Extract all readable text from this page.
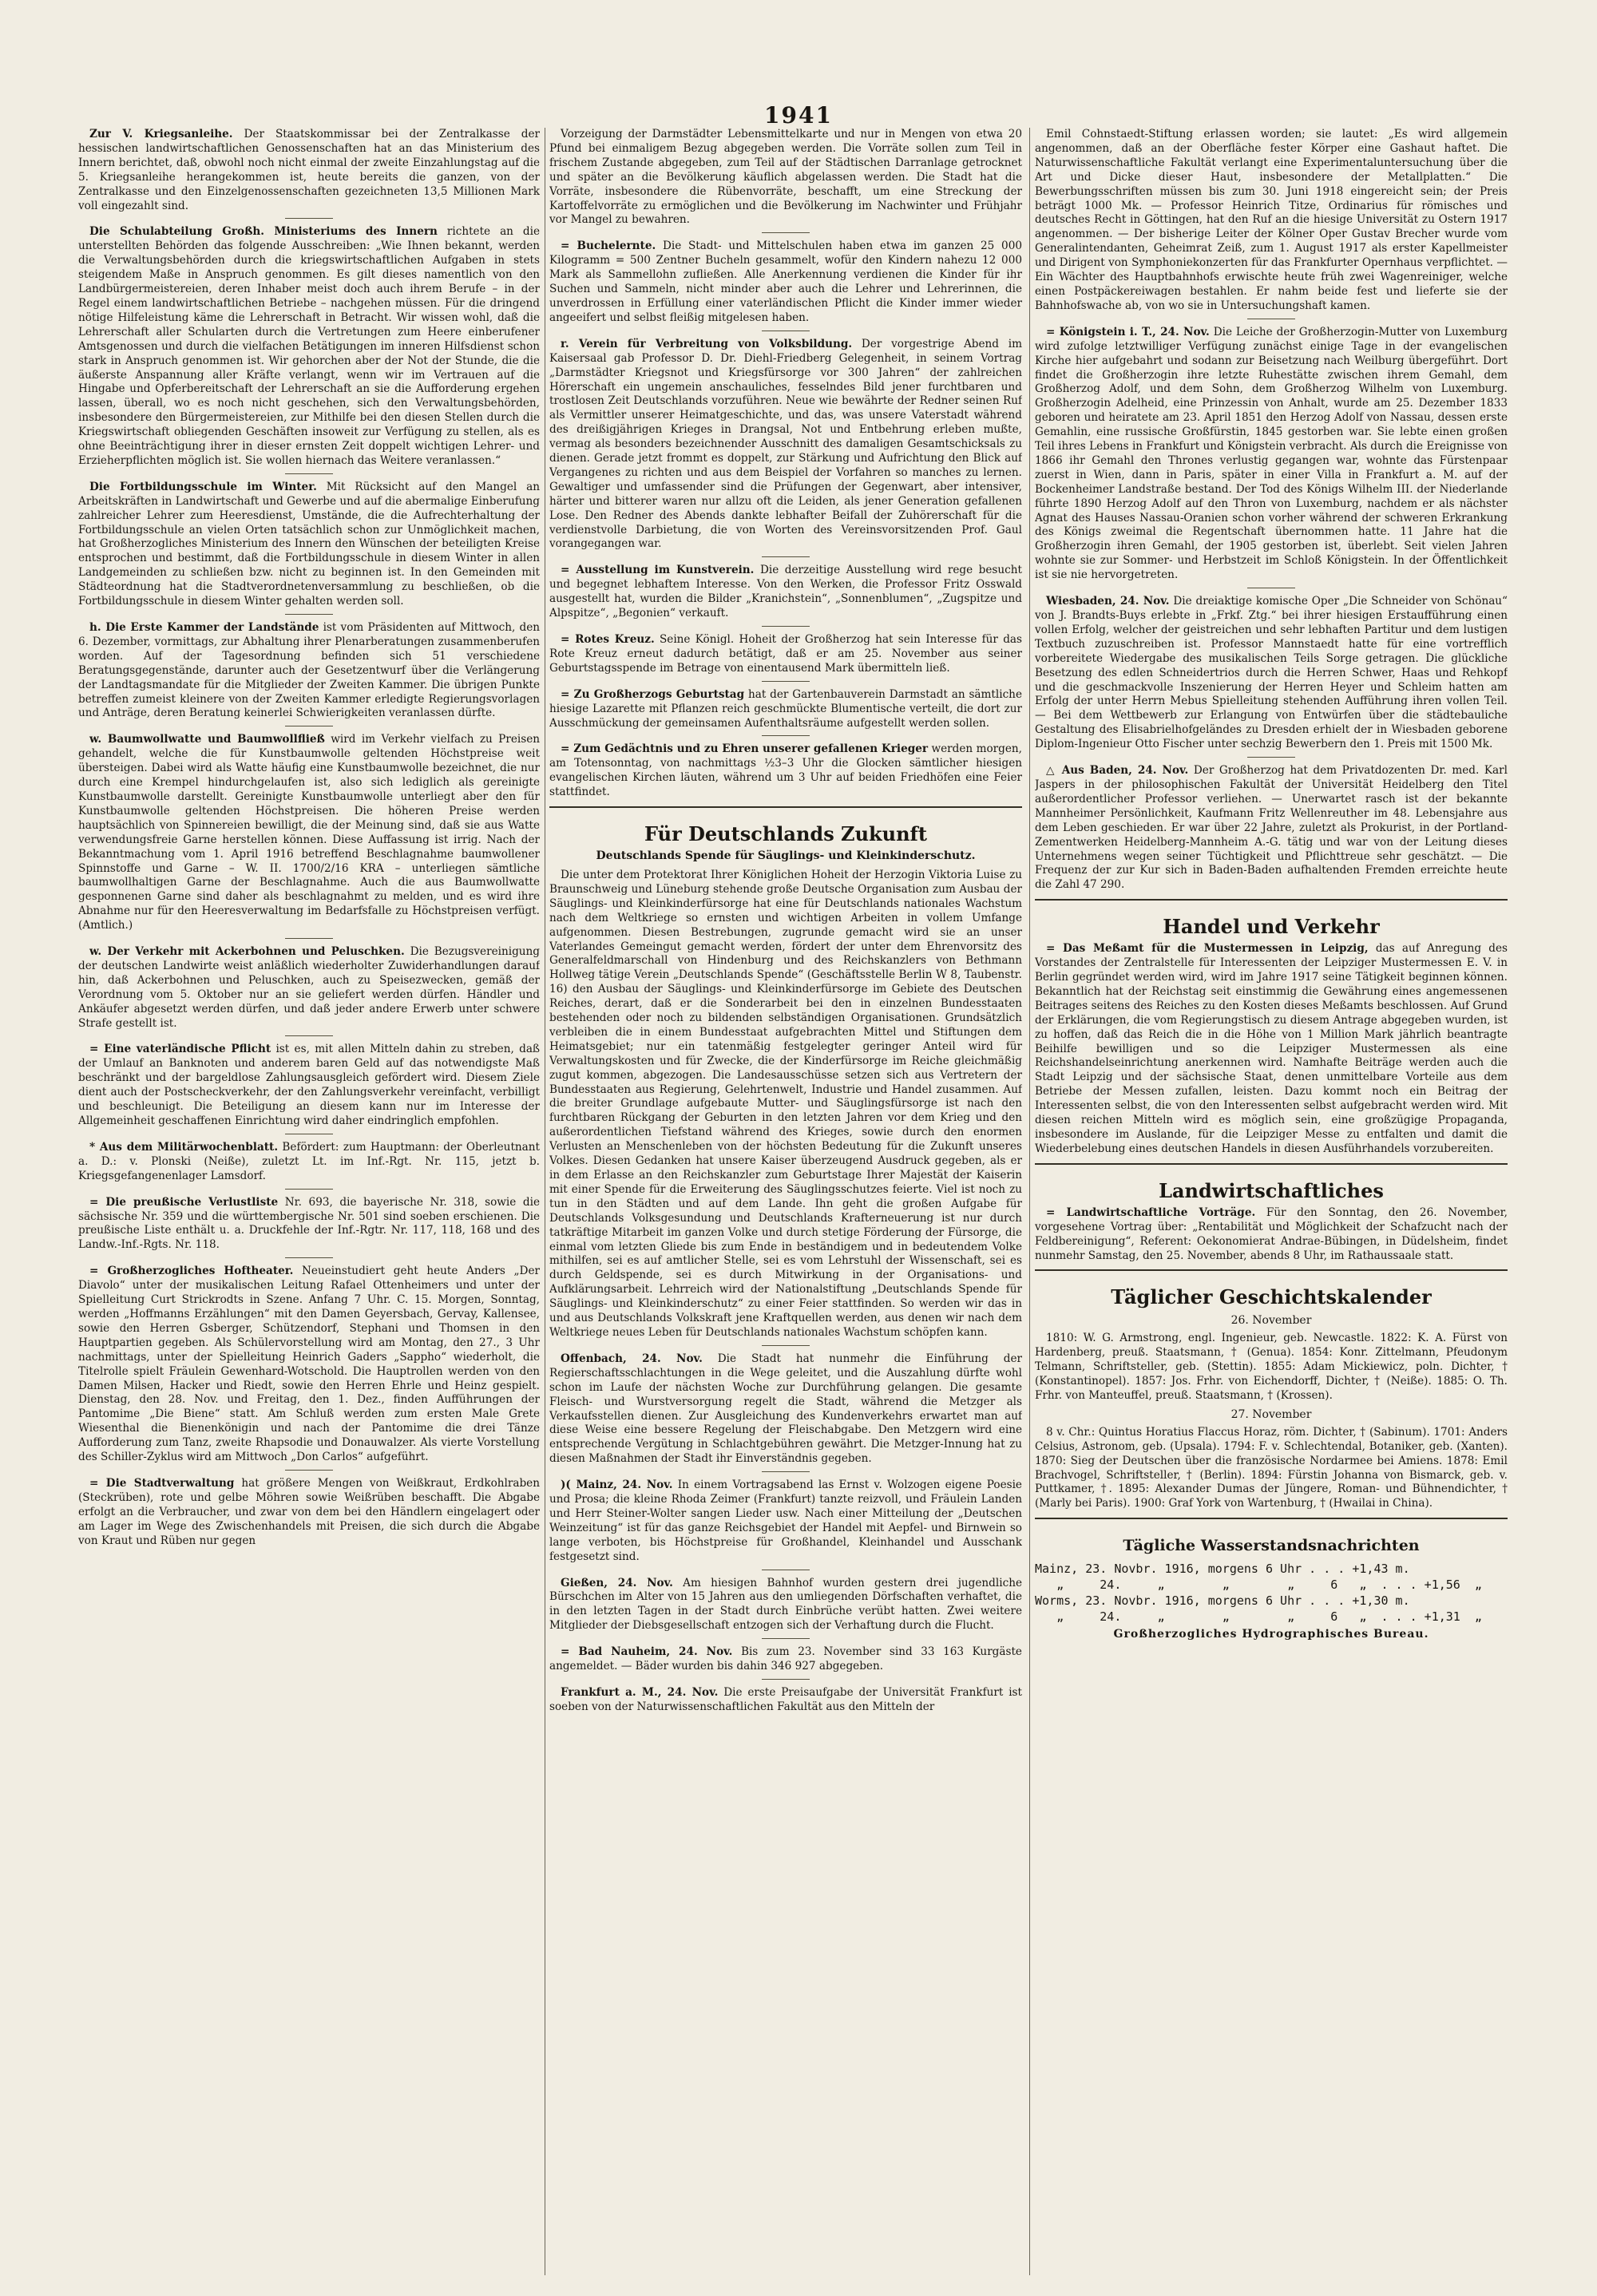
1941

Zur V. Kriegsanleihe. Der Staatskommissar bei der Zentralkasse der hessischen landwirtschaftlichen Genossenschaften hat an das Ministerium des Innern berichtet, daß, obwohl noch nicht einmal der zweite Einzahlungstag auf die 5. Kriegsanleihe herangekommen ist, heute bereits die ganzen, von der Zentralkasse und den Einzelgenossenschaften gezeichneten 13,5 Millionen Mark voll eingezahlt sind.

Die Schulabteilung Großh. Ministeriums des Innern richtete an die unterstellten Behörden das folgende Ausschreiben: „Wie Ihnen bekannt, werden die Verwaltungsbehörden durch die kriegswirtschaftlichen Aufgaben in stets steigendem Maße in Anspruch genommen. Es gilt dieses namentlich von den Landbürgermeistereien, deren Inhaber meist doch auch ihrem Berufe – in der Regel einem landwirtschaftlichen Betriebe – nachgehen müssen. Für die dringend nötige Hilfeleistung käme die Lehrerschaft in Betracht. Wir wissen wohl, daß die Lehrerschaft aller Schularten durch die Vertretungen zum Heere einberufener Amtsgenossen und durch die vielfachen Betätigungen im inneren Hilfsdienst schon stark in Anspruch genommen ist. Wir gehorchen aber der Not der Stunde, die die äußerste Anspannung aller Kräfte verlangt, wenn wir im Vertrauen auf die Hingabe und Opferbereitschaft der Lehrerschaft an sie die Aufforderung ergehen lassen, überall, wo es noch nicht geschehen, sich den Verwaltungsbehörden, insbesondere den Bürgermeistereien, zur Mithilfe bei den diesen Stellen durch die Kriegswirtschaft obliegenden Geschäften insoweit zur Verfügung zu stellen, als es ohne Beeinträchtigung ihrer in dieser ernsten Zeit doppelt wichtigen Lehrer- und Erzieherpflichten möglich ist. Sie wollen hiernach das Weitere veranlassen.“

Die Fortbildungsschule im Winter. Mit Rücksicht auf den Mangel an Arbeitskräften in Landwirtschaft und Gewerbe und auf die abermalige Einberufung zahlreicher Lehrer zum Heeresdienst, Umstände, die die Aufrechterhaltung der Fortbildungsschule an vielen Orten tatsächlich schon zur Unmöglichkeit machen, hat Großherzogliches Ministerium des Innern den Wünschen der beteiligten Kreise entsprochen und bestimmt, daß die Fortbildungsschule in diesem Winter in allen Landgemeinden zu schließen bzw. nicht zu beginnen ist. In den Gemeinden mit Städteordnung hat die Stadtverordnetenversammlung zu beschließen, ob die Fortbildungsschule in diesem Winter gehalten werden soll.

h. Die Erste Kammer der Landstände ist vom Präsidenten auf Mittwoch, den 6. Dezember, vormittags, zur Abhaltung ihrer Plenarberatungen zusammenberufen worden. Auf der Tagesordnung befinden sich 51 verschiedene Beratungsgegenstände, darunter auch der Gesetzentwurf über die Verlängerung der Landtagsmandate für die Mitglieder der Zweiten Kammer. Die übrigen Punkte betreffen zumeist kleinere von der Zweiten Kammer erledigte Regierungsvorlagen und Anträge, deren Beratung keinerlei Schwierigkeiten veranlassen dürfte.

w. Baumwollwatte und Baumwollfließ wird im Verkehr vielfach zu Preisen gehandelt, welche die für Kunstbaumwolle geltenden Höchstpreise weit übersteigen. Dabei wird als Watte häufig eine Kunstbaumwolle bezeichnet, die nur durch eine Krempel hindurchgelaufen ist, also sich lediglich als gereinigte Kunstbaumwolle darstellt. Gereinigte Kunstbaumwolle unterliegt aber den für Kunstbaumwolle geltenden Höchstpreisen. Die höheren Preise werden hauptsächlich von Spinnereien bewilligt, die der Meinung sind, daß sie aus Watte verwendungsfreie Garne herstellen können. Diese Auffassung ist irrig. Nach der Bekanntmachung vom 1. April 1916 betreffend Beschlagnahme baumwollener Spinnstoffe und Garne – W. II. 1700/2/16 KRA – unterliegen sämtliche baumwollhaltigen Garne der Beschlagnahme. Auch die aus Baumwollwatte gesponnenen Garne sind daher als beschlagnahmt zu melden, und es wird ihre Abnahme nur für den Heeresverwaltung im Bedarfsfalle zu Höchstpreisen verfügt. (Amtlich.)

w. Der Verkehr mit Ackerbohnen und Peluschken. Die Bezugsvereinigung der deutschen Landwirte weist anläßlich wiederholter Zuwiderhandlungen darauf hin, daß Ackerbohnen und Peluschken, auch zu Speisezwecken, gemäß der Verordnung vom 5. Oktober nur an sie geliefert werden dürfen. Händler und Ankäufer abgesetzt werden dürfen, und daß jeder andere Erwerb unter schwere Strafe gestellt ist.

= Eine vaterländische Pflicht ist es, mit allen Mitteln dahin zu streben, daß der Umlauf an Banknoten und anderem baren Geld auf das notwendigste Maß beschränkt und der bargeldlose Zahlungsausgleich gefördert wird. Diesem Ziele dient auch der Postscheckverkehr, der den Zahlungsverkehr vereinfacht, verbilligt und beschleunigt. Die Beteiligung an diesem kann nur im Interesse der Allgemeinheit geschaffenen Einrichtung wird daher eindringlich empfohlen.

* Aus dem Militärwochenblatt. Befördert: zum Hauptmann: der Oberleutnant a. D.: v. Plonski (Neiße), zuletzt Lt. im Inf.-Rgt. Nr. 115, jetzt b. Kriegsgefangenenlager Lamsdorf.

= Die preußische Verlustliste Nr. 693, die bayerische Nr. 318, sowie die sächsische Nr. 359 und die württembergische Nr. 501 sind soeben erschienen. Die preußische Liste enthält u. a. Druckfehle der Inf.-Rgtr. Nr. 117, 118, 168 und des Landw.-Inf.-Rgts. Nr. 118.

= Großherzogliches Hoftheater. Neueinstudiert geht heute Anders „Der Diavolo“ unter der musikalischen Leitung Rafael Ottenheimers und unter der Spielleitung Curt Strickrodts in Szene. Anfang 7 Uhr. C. 15. Morgen, Sonntag, werden „Hoffmanns Erzählungen“ mit den Damen Geyersbach, Gervay, Kallensee, sowie den Herren Gsberger, Schützendorf, Stephani und Thomsen in den Hauptpartien gegeben. Als Schülervorstellung wird am Montag, den 27., 3 Uhr nachmittags, unter der Spielleitung Heinrich Gaders „Sappho“ wiederholt, die Titelrolle spielt Fräulein Gewenhard-Wotschold. Die Hauptrollen werden von den Damen Milsen, Hacker und Riedt, sowie den Herren Ehrle und Heinz gespielt. Dienstag, den 28. Nov. und Freitag, den 1. Dez., finden Aufführungen der Pantomime „Die Biene“ statt. Am Schluß werden zum ersten Male Grete Wiesenthal die Bienenkönigin und nach der Pantomime die drei Tänze Aufforderung zum Tanz, zweite Rhapsodie und Donauwalzer. Als vierte Vorstellung des Schiller-Zyklus wird am Mittwoch „Don Carlos“ aufgeführt.

= Die Stadtverwaltung hat größere Mengen von Weißkraut, Erdkohlraben (Steckrüben), rote und gelbe Möhren sowie Weißrüben beschafft. Die Abgabe erfolgt an die Verbraucher, und zwar von dem bei den Händlern eingelagert oder am Lager im Wege des Zwischenhandels mit Preisen, die sich durch die Abgabe von Kraut und Rüben nur gegen

Vorzeigung der Darmstädter Lebensmittelkarte und nur in Mengen von etwa 20 Pfund bei einmaligem Bezug abgegeben werden. Die Vorräte sollen zum Teil in frischem Zustande abgegeben, zum Teil auf der Städtischen Darranlage getrocknet und später an die Bevölkerung käuflich abgelassen werden. Die Stadt hat die Vorräte, insbesondere die Rübenvorräte, beschafft, um eine Streckung der Kartoffelvorräte zu ermöglichen und die Bevölkerung im Nachwinter und Frühjahr vor Mangel zu bewahren.

= Buchelernte. Die Stadt- und Mittelschulen haben etwa im ganzen 25 000 Kilogramm = 500 Zentner Bucheln gesammelt, wofür den Kindern nahezu 12 000 Mark als Sammellohn zufließen. Alle Anerkennung verdienen die Kinder für ihr Suchen und Sammeln, nicht minder aber auch die Lehrer und Lehrerinnen, die unverdrossen in Erfüllung einer vaterländischen Pflicht die Kinder immer wieder angeeifert und selbst fleißig mitgelesen haben.

r. Verein für Verbreitung von Volksbildung. Der vorgestrige Abend im Kaisersaal gab Professor D. Dr. Diehl-Friedberg Gelegenheit, in seinem Vortrag „Darmstädter Kriegsnot und Kriegsfürsorge vor 300 Jahren“ der zahlreichen Hörerschaft ein ungemein anschauliches, fesselndes Bild jener furchtbaren und trostlosen Zeit Deutschlands vorzuführen. Neue wie bewährte der Redner seinen Ruf als Vermittler unserer Heimatgeschichte, und das, was unsere Vaterstadt während des dreißigjährigen Krieges in Drangsal, Not und Entbehrung erleben mußte, vermag als besonders bezeichnender Ausschnitt des damaligen Gesamtschicksals zu dienen. Gerade jetzt frommt es doppelt, zur Stärkung und Aufrichtung den Blick auf Vergangenes zu richten und aus dem Beispiel der Vorfahren so manches zu lernen. Gewaltiger und umfassender sind die Prüfungen der Gegenwart, aber intensiver, härter und bitterer waren nur allzu oft die Leiden, als jener Generation gefallenen Lose. Den Redner des Abends dankte lebhafter Beifall der Zuhörerschaft für die verdienstvolle Darbietung, die von Worten des Vereinsvorsitzenden Prof. Gaul vorangegangen war.

= Ausstellung im Kunstverein. Die derzeitige Ausstellung wird rege besucht und begegnet lebhaftem Interesse. Von den Werken, die Professor Fritz Osswald ausgestellt hat, wurden die Bilder „Kranichstein“, „Sonnenblumen“, „Zugspitze und Alpspitze“, „Begonien“ verkauft.

= Rotes Kreuz. Seine Königl. Hoheit der Großherzog hat sein Interesse für das Rote Kreuz erneut dadurch betätigt, daß er am 25. November aus seiner Geburtstagsspende im Betrage von einentausend Mark übermitteln ließ.

= Zu Großherzogs Geburtstag hat der Gartenbauverein Darmstadt an sämtliche hiesige Lazarette mit Pflanzen reich geschmückte Blumentische verteilt, die dort zur Ausschmückung der gemeinsamen Aufenthaltsräume aufgestellt werden sollen.

= Zum Gedächtnis und zu Ehren unserer gefallenen Krieger werden morgen, am Totensonntag, von nachmittags ½3–3 Uhr die Glocken sämtlicher hiesigen evangelischen Kirchen läuten, während um 3 Uhr auf beiden Friedhöfen eine Feier stattfindet.

Für Deutschlands Zukunft
Deutschlands Spende für Säuglings- und Kleinkinderschutz.

Die unter dem Protektorat Ihrer Königlichen Hoheit der Herzogin Viktoria Luise zu Braunschweig und Lüneburg stehende große Deutsche Organisation zum Ausbau der Säuglings- und Kleinkinderfürsorge hat eine für Deutschlands nationales Wachstum nach dem Weltkriege so ernsten und wichtigen Arbeiten in vollem Umfange aufgenommen. Diesen Bestrebungen, zugrunde gemacht wird sie an unser Vaterlandes Gemeingut gemacht werden, fördert der unter dem Ehrenvorsitz des Generalfeldmarschall von Hindenburg und des Reichskanzlers von Bethmann Hollweg tätige Verein „Deutschlands Spende“ (Geschäftsstelle Berlin W 8, Taubenstr. 16) den Ausbau der Säuglings- und Kleinkinderfürsorge im Gebiete des Deutschen Reiches, derart, daß er die Sonderarbeit bei den in einzelnen Bundesstaaten bestehenden oder noch zu bildenden selbständigen Organisationen. Grundsätzlich verbleiben die in einem Bundesstaat aufgebrachten Mittel und Stiftungen dem Heimatsgebiet; nur ein tatenmäßig festgelegter geringer Anteil wird für Verwaltungskosten und für Zwecke, die der Kinderfürsorge im Reiche gleichmäßig zugut kommen, abgezogen. Die Landesausschüsse setzen sich aus Vertretern der Bundesstaaten aus Regierung, Gelehrtenwelt, Industrie und Handel zusammen. Auf die breiter Grundlage aufgebaute Mutter- und Säuglingsfürsorge ist nach den furchtbaren Rückgang der Geburten in den letzten Jahren vor dem Krieg und den außerordentlichen Tiefstand während des Krieges, sowie durch den enormen Verlusten an Menschenleben von der höchsten Bedeutung für die Zukunft unseres Volkes. Diesen Gedanken hat unsere Kaiser überzeugend Ausdruck gegeben, als er in dem Erlasse an den Reichskanzler zum Geburtstage Ihrer Majestät der Kaiserin mit einer Spende für die Erweiterung des Säuglingsschutzes feierte. Viel ist noch zu tun in den Städten und auf dem Lande. Ihn geht die großen Aufgabe für Deutschlands Volksgesundung und Deutschlands Krafterneuerung ist nur durch tatkräftige Mitarbeit im ganzen Volke und durch stetige Förderung der Fürsorge, die einmal vom letzten Gliede bis zum Ende in beständigem und in bedeutendem Volke mithilfen, sei es auf amtlicher Stelle, sei es vom Lehrstuhl der Wissenschaft, sei es durch Geldspende, sei es durch Mitwirkung in der Organisations- und Aufklärungsarbeit. Lehrreich wird der Nationalstiftung „Deutschlands Spende für Säuglings- und Kleinkinderschutz“ zu einer Feier stattfinden. So werden wir das in und aus Deutschlands Volkskraft jene Kraftquellen werden, aus denen wir nach dem Weltkriege neues Leben für Deutschlands nationales Wachstum schöpfen kann.

Offenbach, 24. Nov. Die Stadt hat nunmehr die Einführung der Regierschaftsschlachtungen in die Wege geleitet, und die Auszahlung dürfte wohl schon im Laufe der nächsten Woche zur Durchführung gelangen. Die gesamte Fleisch- und Wurstversorgung regelt die Stadt, während die Metzger als Verkaufsstellen dienen. Zur Ausgleichung des Kundenverkehrs erwartet man auf diese Weise eine bessere Regelung der Fleischabgabe. Den Metzgern wird eine entsprechende Vergütung in Schlachtgebühren gewährt. Die Metzger-Innung hat zu diesen Maßnahmen der Stadt ihr Einverständnis gegeben.

)( Mainz, 24. Nov. In einem Vortragsabend las Ernst v. Wolzogen eigene Poesie und Prosa; die kleine Rhoda Zeimer (Frankfurt) tanzte reizvoll, und Fräulein Landen und Herr Steiner-Wolter sangen Lieder usw. Nach einer Mitteilung der „Deutschen Weinzeitung“ ist für das ganze Reichsgebiet der Handel mit Aepfel- und Birnwein so lange verboten, bis Höchstpreise für Großhandel, Kleinhandel und Ausschank festgesetzt sind.

Gießen, 24. Nov. Am hiesigen Bahnhof wurden gestern drei jugendliche Bürschchen im Alter von 15 Jahren aus den umliegenden Dörfschaften verhaftet, die in den letzten Tagen in der Stadt durch Einbrüche verübt hatten. Zwei weitere Mitglieder der Diebsgesellschaft entzogen sich der Verhaftung durch die Flucht.

= Bad Nauheim, 24. Nov. Bis zum 23. November sind 33 163 Kurgäste angemeldet. — Bäder wurden bis dahin 346 927 abgegeben.

Frankfurt a. M., 24. Nov. Die erste Preisaufgabe der Universität Frankfurt ist soeben von der Naturwissenschaftlichen Fakultät aus den Mitteln der

Emil Cohnstaedt-Stiftung erlassen worden; sie lautet: „Es wird allgemein angenommen, daß an der Oberfläche fester Körper eine Gashaut haftet. Die Naturwissenschaftliche Fakultät verlangt eine Experimentaluntersuchung über die Art und Dicke dieser Haut, insbesondere der Metallplatten.“ Die Bewerbungsschriften müssen bis zum 30. Juni 1918 eingereicht sein; der Preis beträgt 1000 Mk. — Professor Heinrich Titze, Ordinarius für römisches und deutsches Recht in Göttingen, hat den Ruf an die hiesige Universität zu Ostern 1917 angenommen. — Der bisherige Leiter der Kölner Oper Gustav Brecher wurde vom Generalintendanten, Geheimrat Zeiß, zum 1. August 1917 als erster Kapellmeister und Dirigent von Symphoniekonzerten für das Frankfurter Opernhaus verpflichtet. — Ein Wächter des Hauptbahnhofs erwischte heute früh zwei Wagenreiniger, welche einen Postpäckereiwagen bestahlen. Er nahm beide fest und lieferte sie der Bahnhofswache ab, von wo sie in Untersuchungshaft kamen.

= Königstein i. T., 24. Nov. Die Leiche der Großherzogin-Mutter von Luxemburg wird zufolge letztwilliger Verfügung zunächst einige Tage in der evangelischen Kirche hier aufgebahrt und sodann zur Beisetzung nach Weilburg übergeführt. Dort findet die Großherzogin ihre letzte Ruhestätte zwischen ihrem Gemahl, dem Großherzog Adolf, und dem Sohn, dem Großherzog Wilhelm von Luxemburg. Großherzogin Adelheid, eine Prinzessin von Anhalt, wurde am 25. Dezember 1833 geboren und heiratete am 23. April 1851 den Herzog Adolf von Nassau, dessen erste Gemahlin, eine russische Großfürstin, 1845 gestorben war. Sie lebte einen großen Teil ihres Lebens in Frankfurt und Königstein verbracht. Als durch die Ereignisse von 1866 ihr Gemahl den Thrones verlustig gegangen war, wohnte das Fürstenpaar zuerst in Wien, dann in Paris, später in einer Villa in Frankfurt a. M. auf der Bockenheimer Landstraße bestand. Der Tod des Königs Wilhelm III. der Niederlande führte 1890 Herzog Adolf auf den Thron von Luxemburg, nachdem er als nächster Agnat des Hauses Nassau-Oranien schon vorher während der schweren Erkrankung des Königs zweimal die Regentschaft übernommen hatte. 11 Jahre hat die Großherzogin ihren Gemahl, der 1905 gestorben ist, überlebt. Seit vielen Jahren wohnte sie zur Sommer- und Herbstzeit im Schloß Königstein. In der Öffentlichkeit ist sie nie hervorgetreten.

Wiesbaden, 24. Nov. Die dreiaktige komische Oper „Die Schneider von Schönau“ von J. Brandts-Buys erlebte in „Frkf. Ztg.“ bei ihrer hiesigen Erstaufführung einen vollen Erfolg, welcher der geistreichen und sehr lebhaften Partitur und dem lustigen Textbuch zuzuschreiben ist. Professor Mannstaedt hatte für eine vortrefflich vorbereitete Wiedergabe des musikalischen Teils Sorge getragen. Die glückliche Besetzung des edlen Schneidertrios durch die Herren Schwer, Haas und Rehkopf und die geschmackvolle Inszenierung der Herren Heyer und Schleim hatten am Erfolg der unter Herrn Mebus Spielleitung stehenden Aufführung ihren vollen Teil. — Bei dem Wettbewerb zur Erlangung von Entwürfen über die städtebauliche Gestaltung des Elisabrielhofgeländes zu Dresden erhielt der in Wiesbaden geborene Diplom-Ingenieur Otto Fischer unter sechzig Bewerbern den 1. Preis mit 1500 Mk.

△ Aus Baden, 24. Nov. Der Großherzog hat dem Privatdozenten Dr. med. Karl Jaspers in der philosophischen Fakultät der Universität Heidelberg den Titel außerordentlicher Professor verliehen. — Unerwartet rasch ist der bekannte Mannheimer Persönlichkeit, Kaufmann Fritz Wellenreuther im 48. Lebensjahre aus dem Leben geschieden. Er war über 22 Jahre, zuletzt als Prokurist, in der Portland-Zementwerken Heidelberg-Mannheim A.-G. tätig und war von der Leitung dieses Unternehmens wegen seiner Tüchtigkeit und Pflichttreue sehr geschätzt. — Die Frequenz der zur Kur sich in Baden-Baden aufhaltenden Fremden erreichte heute die Zahl 47 290.

Handel und Verkehr

= Das Meßamt für die Mustermessen in Leipzig, das auf Anregung des Vorstandes der Zentralstelle für Interessenten der Leipziger Mustermessen E. V. in Berlin gegründet werden wird, wird im Jahre 1917 seine Tätigkeit beginnen können. Bekanntlich hat der Reichstag seit einstimmig die Gewährung eines angemessenen Beitrages seitens des Reiches zu den Kosten dieses Meßamts beschlossen. Auf Grund der Erklärungen, die vom Regierungstisch zu diesem Antrage abgegeben wurden, ist zu hoffen, daß das Reich die in die Höhe von 1 Million Mark jährlich beantragte Beihilfe bewilligen und so die Leipziger Mustermessen als eine Reichshandelseinrichtung anerkennen wird. Namhafte Beiträge werden auch die Stadt Leipzig und der sächsische Staat, denen unmittelbare Vorteile aus dem Betriebe der Messen zufallen, leisten. Dazu kommt noch ein Beitrag der Interessenten selbst, die von den Interessenten selbst aufgebracht werden wird. Mit diesen reichen Mitteln wird es möglich sein, eine großzügige Propaganda, insbesondere im Auslande, für die Leipziger Messe zu entfalten und damit die Wiederbelebung eines deutschen Handels in diesen Ausführhandels vorzubereiten.

Landwirtschaftliches

= Landwirtschaftliche Vorträge. Für den Sonntag, den 26. November, vorgesehene Vortrag über: „Rentabilität und Möglichkeit der Schafzucht nach der Feldbereinigung“, Referent: Oekonomierat Andrae-Bübingen, in Düdelsheim, findet nunmehr Samstag, den 25. November, abends 8 Uhr, im Rathaussaale statt.

Täglicher Geschichtskalender
26. November

1810: W. G. Armstrong, engl. Ingenieur, geb. Newcastle. 1822: K. A. Fürst von Hardenberg, preuß. Staatsmann, † (Genua). 1854: Konr. Zittelmann, Pfeudonym Telmann, Schriftsteller, geb. (Stettin). 1855: Adam Mickiewicz, poln. Dichter, † (Konstantinopel). 1857: Jos. Frhr. von Eichendorff, Dichter, † (Neiße). 1885: O. Th. Frhr. von Manteuffel, preuß. Staatsmann, † (Krossen).

27. November

8 v. Chr.: Quintus Horatius Flaccus Horaz, röm. Dichter, † (Sabinum). 1701: Anders Celsius, Astronom, geb. (Upsala). 1794: F. v. Schlechtendal, Botaniker, geb. (Xanten). 1870: Sieg der Deutschen über die französische Nordarmee bei Amiens. 1878: Emil Brachvogel, Schriftsteller, † (Berlin). 1894: Fürstin Johanna von Bismarck, geb. v. Puttkamer, †. 1895: Alexander Dumas der Jüngere, Roman- und Bühnendichter, † (Marly bei Paris). 1900: Graf York von Wartenburg, † (Hwailai in China).

Tägliche Wasserstandsnachrichten
Mainz, 23. Novbr. 1916, morgens 6 Uhr . . . +1,43 m.
„     24.     „        „        „     6   „  . . . +1,56  „
Worms, 23. Novbr. 1916, morgens 6 Uhr . . . +1,30 m.
„     24.     „        „        „     6   „  . . . +1,31  „
Großherzogliches Hydrographisches Bureau.
